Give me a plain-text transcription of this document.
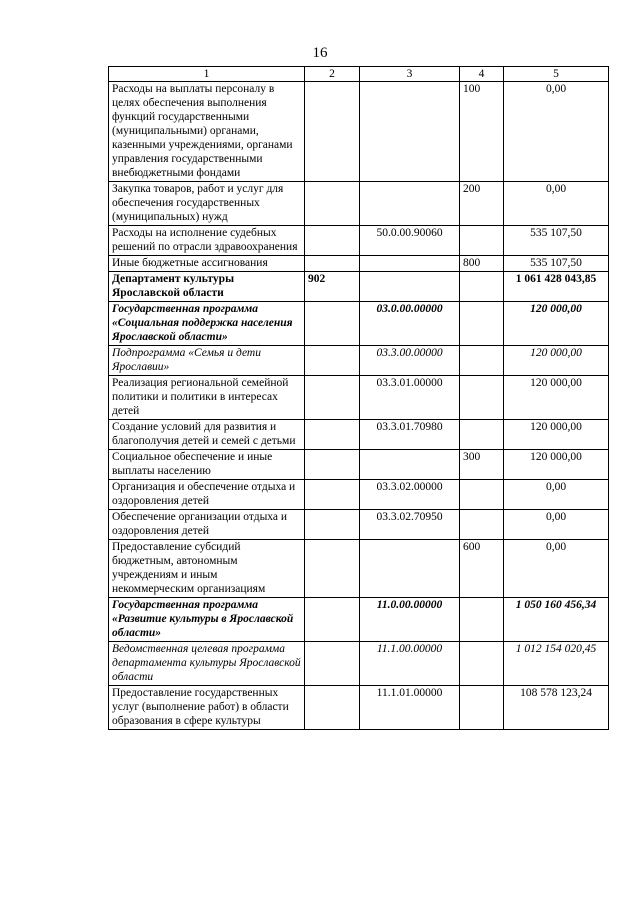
16
1	2	3	4	5
Расходы на выплаты персоналу в целях обеспечения выполнения функций государственными (муниципальными) органами, казенными учреждениями, органами управления государственными внебюджетными фондами			100	0,00
Закупка товаров, работ и услуг для обеспечения государственных (муниципальных) нужд			200	0,00
Расходы на исполнение судебных решений по отрасли здравоохранения		50.0.00.90060		535 107,50
Иные бюджетные ассигнования			800	535 107,50
Департамент культуры Ярославской области	902			1 061 428 043,85
Государственная программа «Социальная поддержка населения Ярославской области»		03.0.00.00000		120 000,00
Подпрограмма «Семья и дети Ярославии»		03.3.00.00000		120 000,00
Реализация региональной семейной политики и политики в интересах детей		03.3.01.00000		120 000,00
Создание условий для развития и благополучия детей и семей с детьми		03.3.01.70980		120 000,00
Социальное обеспечение и иные выплаты населению			300	120 000,00
Организация и обеспечение отдыха и оздоровления детей		03.3.02.00000		0,00
Обеспечение организации отдыха и оздоровления детей		03.3.02.70950		0,00
Предоставление субсидий бюджетным, автономным учреждениям и иным некоммерческим организациям			600	0,00
Государственная программа «Развитие культуры в Ярославской области»		11.0.00.00000		1 050 160 456,34
Ведомственная целевая программа департамента культуры Ярославской области		11.1.00.00000		1 012 154 020,45
Предоставление государственных услуг (выполнение работ) в области образования в сфере культуры		11.1.01.00000		108 578 123,24
